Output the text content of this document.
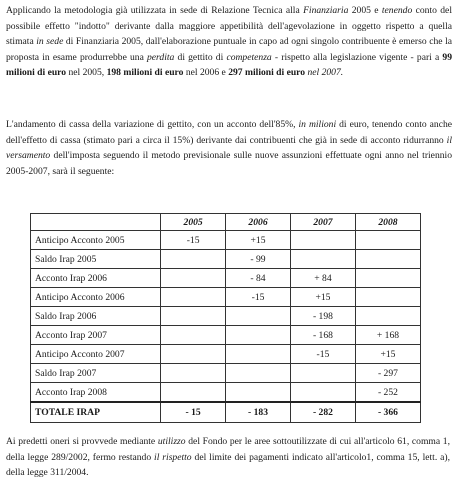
Applicando la metodologia già utilizzata in sede di Relazione Tecnica alla Finanziaria 2005 e tenendo conto del possibile effetto "indotto" derivante dalla maggiore appetibilità dell'agevolazione in oggetto rispetto a quella stimata in sede di Finanziaria 2005, dall'elaborazione puntuale in capo ad ogni singolo contribuente è emerso che la proposta in esame produrrebbe una perdita di gettito di competenza - rispetto alla legislazione vigente - pari a 99 milioni di euro nel 2005, 198 milioni di euro nel 2006 e 297 milioni di euro nel 2007.

L'andamento di cassa della variazione di gettito, con un acconto dell'85%, in milioni di euro, tenendo conto anche dell'effetto di cassa (stimato pari a circa il 15%) derivante dai contribuenti che già in sede di acconto ridurranno il versamento dell'imposta seguendo il metodo previsionale sulle nuove assunzioni effettuate ogni anno nel triennio 2005-2007, sarà il seguente:

	2005	2006	2007	2008
Anticipo Acconto 2005	-15	+15		
Saldo Irap 2005		- 99		
Acconto Irap 2006		- 84	+ 84	
Anticipo Acconto 2006		-15	+15	
Saldo Irap 2006			- 198	
Acconto Irap 2007			- 168	+ 168
Anticipo Acconto 2007			-15	+15
Saldo Irap 2007				- 297
Acconto Irap 2008				- 252
TOTALE IRAP	- 15	- 183	- 282	- 366

Ai predetti oneri si provvede mediante utilizzo del Fondo per le aree sottoutilizzate di cui all'articolo 61, comma 1, della legge 289/2002, fermo restando il rispetto del limite dei pagamenti indicato all'articolo1, comma 15, lett. a), della legge 311/2004.
